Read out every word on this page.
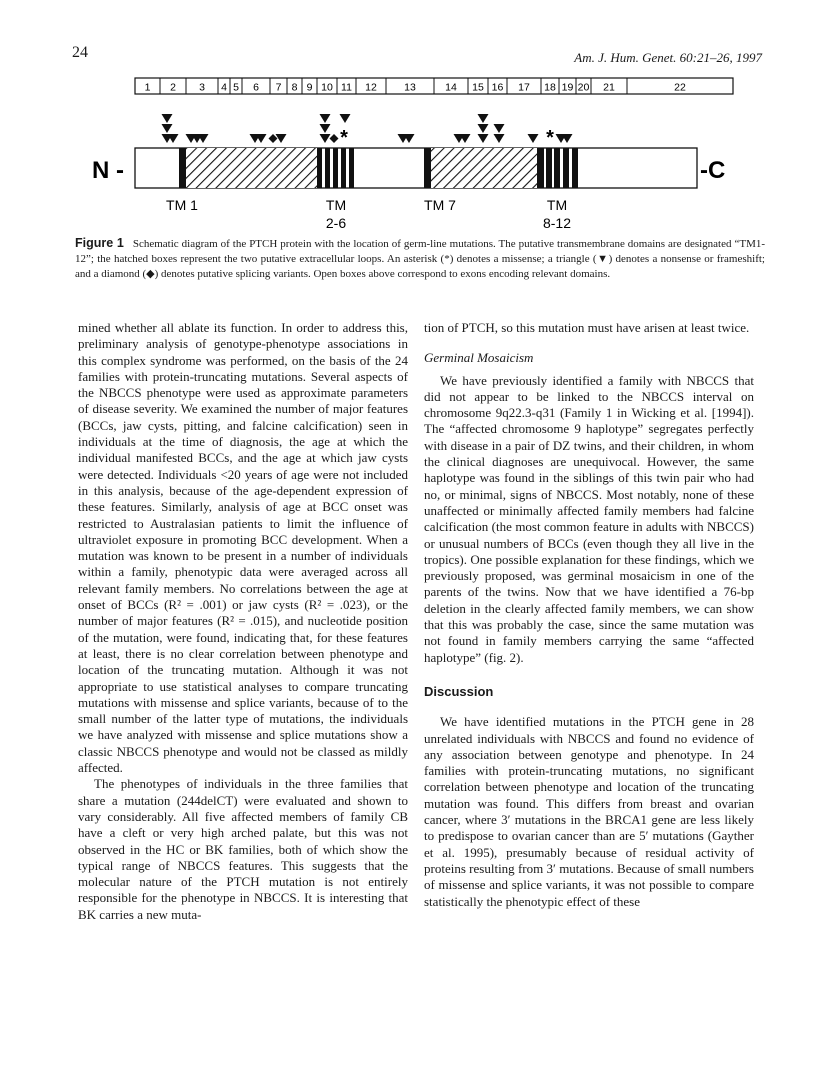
24	Am. J. Hum. Genet. 60:21–26, 1997
1 2 3 4 5 6 7 8 9 10 11 12	13	14 15 16 17 18 19 20 21	22
*	*
N -	-C
TM 1	TM
2-6
TM 7	TM
8-12
Figure 1 Schematic diagram of the PTCH protein with the location of germ-line mutations. The putative transmembrane domains are designated “TM1-12”; the hatched boxes represent the two putative extracellular loops. An asterisk (*) denotes a missense; a triangle (▼) denotes a nonsense or frameshift; and a diamond (◆) denotes putative splicing variants. Open boxes above correspond to exons encoding relevant domains.

mined whether all ablate its function. In order to address this, preliminary analysis of genotype-phenotype associations in this complex syndrome was performed, on the basis of the 24 families with protein-truncating mutations. Several aspects of the NBCCS phenotype were used as approximate parameters of disease severity. We examined the number of major features (BCCs, jaw cysts, pitting, and falcine calcification) seen in individuals at the time of diagnosis, the age at which the individual manifested BCCs, and the age at which jaw cysts were detected. Individuals <20 years of age were not included in this analysis, because of the age-dependent expression of these features. Similarly, analysis of age at BCC onset was restricted to Australasian patients to limit the influence of ultraviolet exposure in promoting BCC development. When a mutation was known to be present in a number of individuals within a family, phenotypic data were averaged across all relevant family members. No correlations between the age at onset of BCCs (R² = .001) or jaw cysts (R² = .023), or the number of major features (R² = .015), and nucleotide position of the mutation, were found, indicating that, for these features at least, there is no clear correlation between phenotype and location of the truncating mutation. Although it was not appropriate to use statistical analyses to compare truncating mutations with missense and splice variants, because of to the small number of the latter type of mutations, the individuals we have analyzed with missense and splice mutations show a classic NBCCS phenotype and would not be classed as mildly affected.

The phenotypes of individuals in the three families that share a mutation (244delCT) were evaluated and shown to vary considerably. All five affected members of family CB have a cleft or very high arched palate, but this was not observed in the HC or BK families, both of which show the typical range of NBCCS features. This suggests that the molecular nature of the PTCH mutation is not entirely responsible for the phenotype in NBCCS. It is interesting that BK carries a new muta-

tion of PTCH, so this mutation must have arisen at least twice.

Germinal Mosaicism

We have previously identified a family with NBCCS that did not appear to be linked to the NBCCS interval on chromosome 9q22.3-q31 (Family 1 in Wicking et al. [1994]). The “affected chromosome 9 haplotype” segregates perfectly with disease in a pair of DZ twins, and their children, in whom the clinical diagnoses are unequivocal. However, the same haplotype was found in the siblings of this twin pair who had no, or minimal, signs of NBCCS. Most notably, none of these unaffected or minimally affected family members had falcine calcification (the most common feature in adults with NBCCS) or unusual numbers of BCCs (even though they all live in the tropics). One possible explanation for these findings, which we previously proposed, was germinal mosaicism in one of the parents of the twins. Now that we have identified a 76-bp deletion in the clearly affected family members, we can show that this was probably the case, since the same mutation was not found in family members carrying the same “affected haplotype” (fig. 2).

Discussion

We have identified mutations in the PTCH gene in 28 unrelated individuals with NBCCS and found no evidence of any association between genotype and phenotype. In 24 families with protein-truncating mutations, no significant correlation between phenotype and location of the truncating mutation was found. This differs from breast and ovarian cancer, where 3′ mutations in the BRCA1 gene are less likely to predispose to ovarian cancer than are 5′ mutations (Gayther et al. 1995), presumably because of residual activity of proteins resulting from 3′ mutations. Because of small numbers of missense and splice variants, it was not possible to compare statistically the phenotypic effect of these
